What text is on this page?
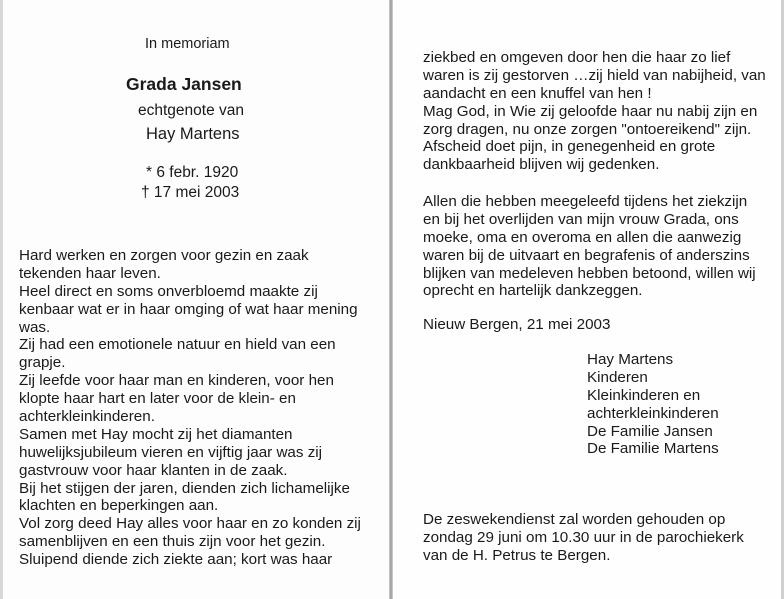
In memoriam
Grada Jansen
echtgenote van
Hay Martens
* 6 febr. 1920
† 17 mei 2003
Hard werken en zorgen voor gezin en zaak
tekenden haar leven.
Heel direct en soms onverbloemd maakte zij
kenbaar wat er in haar omging of wat haar mening
was.
Zij had een emotionele natuur en hield van een
grapje.
Zij leefde voor haar man en kinderen, voor hen
klopte haar hart en later voor de klein- en
achterkleinkinderen.
Samen met Hay mocht zij het diamanten
huwelijksjubileum vieren en vijftig jaar was zij
gastvrouw voor haar klanten in de zaak.
Bij het stijgen der jaren, dienden zich lichamelijke
klachten en beperkingen aan.
Vol zorg deed Hay alles voor haar en zo konden zij
samenblijven en een thuis zijn voor het gezin.
Sluipend diende zich ziekte aan; kort was haar
ziekbed en omgeven door hen die haar zo lief
waren is zij gestorven …zij hield van nabijheid, van
aandacht en een knuffel van hen !
Mag God, in Wie zij geloofde haar nu nabij zijn en
zorg dragen, nu onze zorgen "ontoereikend" zijn.
Afscheid doet pijn, in genegenheid en grote
dankbaarheid blijven wij gedenken.
Allen die hebben meegeleefd tijdens het ziekzijn
en bij het overlijden van mijn vrouw Grada, ons
moeke, oma en overoma en allen die aanwezig
waren bij de uitvaart en begrafenis of anderszins
blijken van medeleven hebben betoond, willen wij
oprecht en hartelijk dankzeggen.
Nieuw Bergen, 21 mei 2003
Hay Martens
Kinderen
Kleinkinderen en
achterkleinkinderen
De Familie Jansen
De Familie Martens
De zeswekendienst zal worden gehouden op
zondag 29 juni om 10.30 uur in de parochiekerk
van de H. Petrus te Bergen.
